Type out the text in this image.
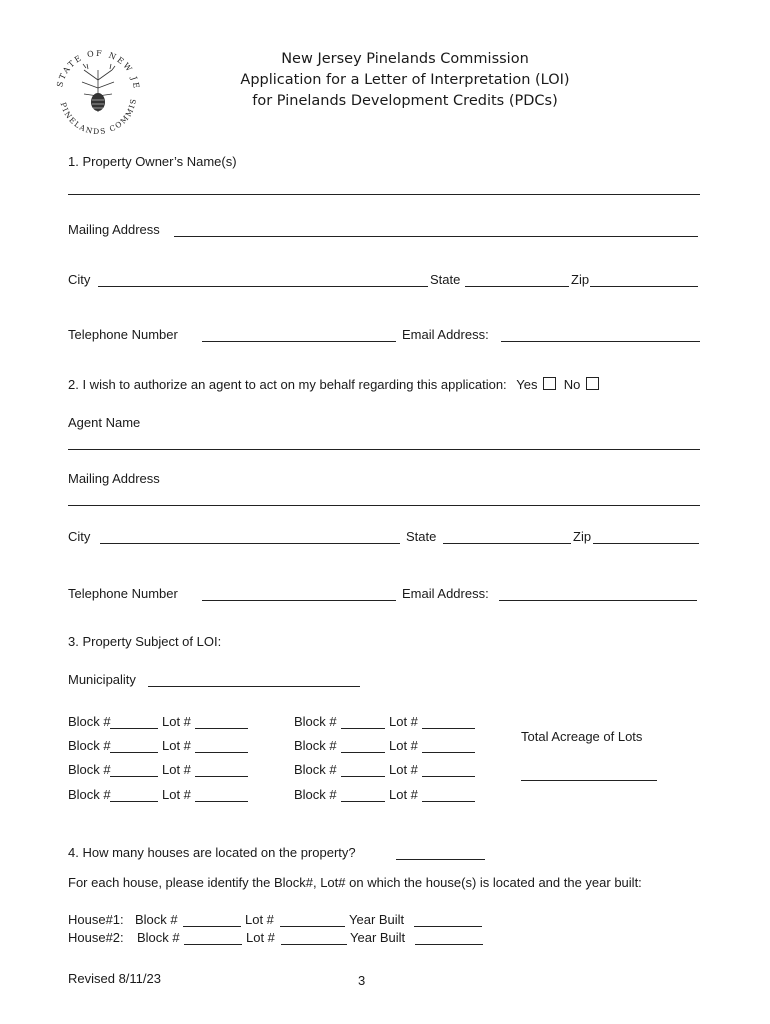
STATE OF NEW JE
PINELANDS COMMIS
New Jersey Pinelands Commission
Application for a Letter of Interpretation (LOI)
for Pinelands Development Credits (PDCs)
1. Property Owner’s Name(s)
Mailing Address
City	State	Zip
Telephone Number	Email Address:
2. I wish to authorize an agent to act on my behalf regarding this application: Yes No
Agent Name
Mailing Address
City	State	Zip
Telephone Number	Email Address:
3. Property Subject of LOI:
Municipality
Block #	Lot #
Block #	Lot #
Block #	Lot #
Block #	Lot #
Block #	Lot #
Block #	Lot #
Block #	Lot #
Block #	Lot #
Total Acreage of Lots
4. How many houses are located on the property?
For each house, please identify the Block#, Lot# on which the house(s) is located and the year built:
House#1: Block #	Lot #	Year Built
House#2: Block #	Lot #	Year Built
Revised 8/11/23	3
